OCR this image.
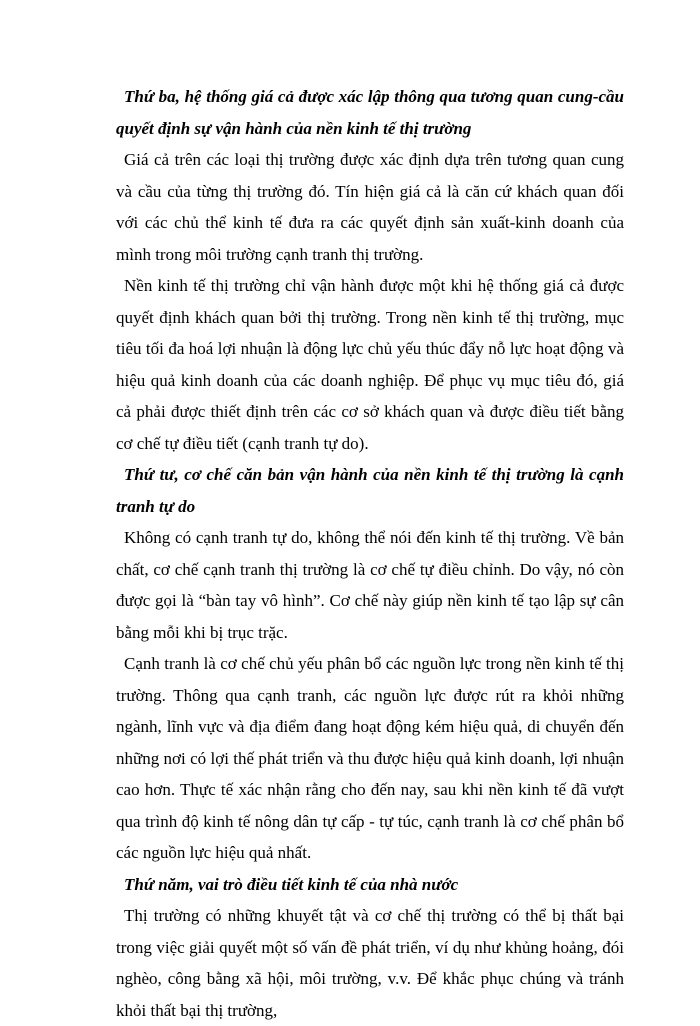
Thứ ba, hệ thống giá cả được xác lập thông qua tương quan cung-cầu quyết định sự vận hành của nền kinh tế thị trường

Giá cả trên các loại thị trường được xác định dựa trên tương quan cung và cầu của từng thị trường đó. Tín hiện giá cả là căn cứ khách quan đối với các chủ thể kinh tế đưa ra các quyết định sản xuất-kinh doanh của mình trong môi trường cạnh tranh thị trường.

Nền kinh tế thị trường chỉ vận hành được một khi hệ thống giá cả được quyết định khách quan bởi thị trường. Trong nền kinh tế thị trường, mục tiêu tối đa hoá lợi nhuận là động lực chủ yếu thúc đẩy nỗ lực hoạt động và hiệu quả kinh doanh của các doanh nghiệp. Để phục vụ mục tiêu đó, giá cả phải được thiết định trên các cơ sở khách quan và được điều tiết bằng cơ chế tự điều tiết (cạnh tranh tự do).

Thứ tư, cơ chế căn bản vận hành của nền kinh tế thị trường là cạnh tranh tự do

Không có cạnh tranh tự do, không thể nói đến kinh tế thị trường. Về bản chất, cơ chế cạnh tranh thị trường là cơ chế tự điều chỉnh. Do vậy, nó còn được gọi là “bàn tay vô hình”. Cơ chế này giúp nền kinh tế tạo lập sự cân bằng mỗi khi bị trục trặc.

Cạnh tranh là cơ chế chủ yếu phân bổ các nguồn lực trong nền kinh tế thị trường. Thông qua cạnh tranh, các nguồn lực được rút ra khỏi những ngành, lĩnh vực và địa điểm đang hoạt động kém hiệu quả, di chuyển đến những nơi có lợi thế phát triển và thu được hiệu quả kinh doanh, lợi nhuận cao hơn. Thực tế xác nhận rằng cho đến nay, sau khi nền kinh tế đã vượt qua trình độ kinh tế nông dân tự cấp - tự túc, cạnh tranh là cơ chế phân bổ các nguồn lực hiệu quả nhất.

Thứ năm, vai trò điều tiết kinh tế của nhà nước

Thị trường có những khuyết tật và cơ chế thị trường có thể bị thất bại trong việc giải quyết một số vấn đề phát triển, ví dụ như khủng hoảng, đói nghèo, công bằng xã hội, môi trường, v.v. Để khắc phục chúng và tránh khỏi thất bại thị trường,
